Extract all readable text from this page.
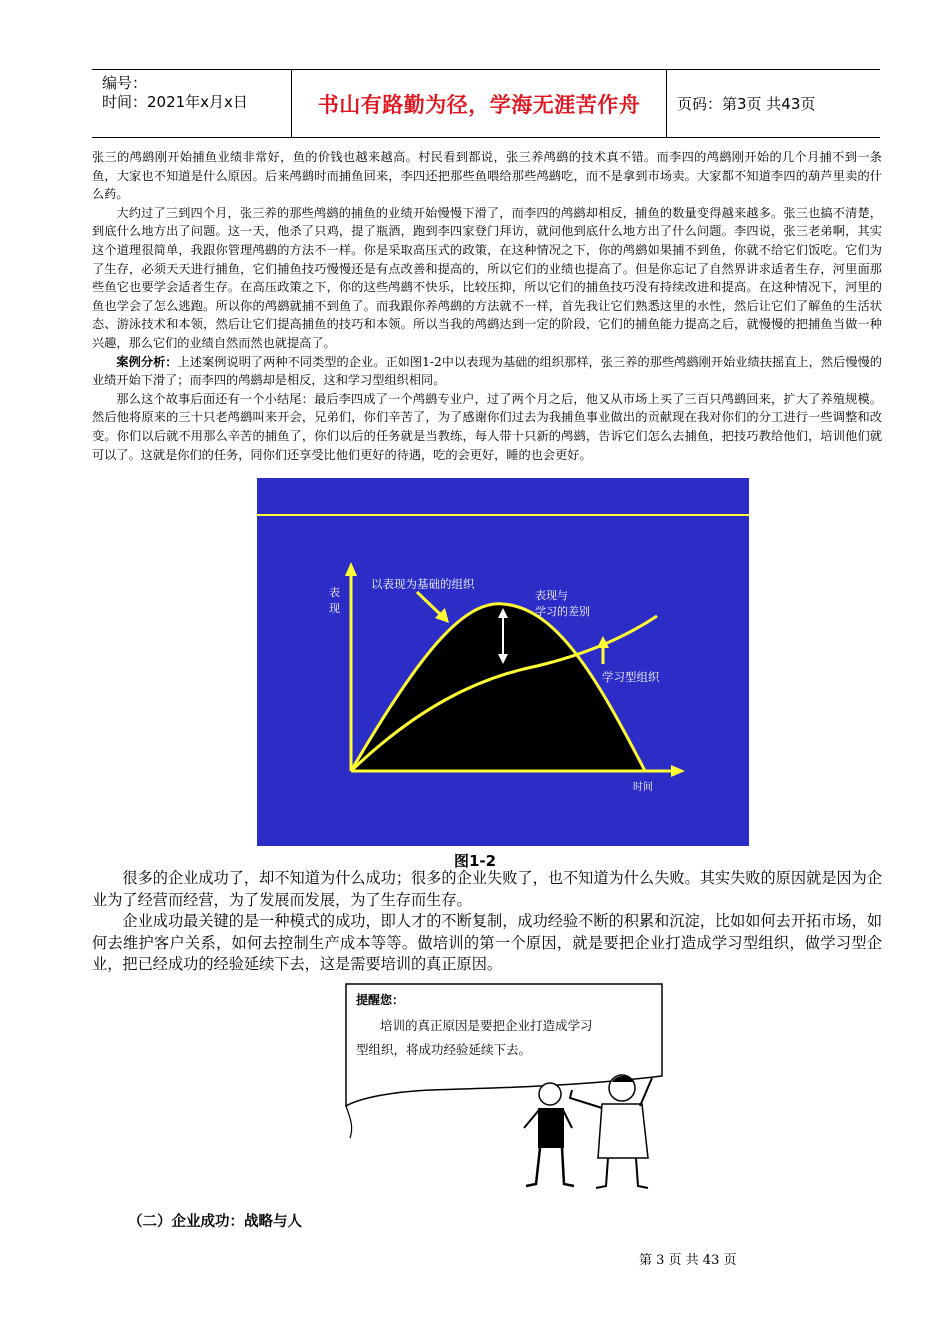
编号：
时间：2021年x月x日	书山有路勤为径，学海无涯苦作舟	页码：第3页 共43页

张三的鸬鹚刚开始捕鱼业绩非常好，鱼的价钱也越来越高。村民看到都说，张三养鸬鹚的技术真不错。而李四的鸬鹚刚开始的几个月捕不到一条鱼，大家也不知道是什么原因。后来鸬鹚时而捕鱼回来，李四还把那些鱼喂给那些鸬鹚吃，而不是拿到市场卖。大家都不知道李四的葫芦里卖的什么药。

大约过了三到四个月，张三养的那些鸬鹚的捕鱼的业绩开始慢慢下滑了，而李四的鸬鹚却相反，捕鱼的数量变得越来越多。张三也搞不清楚，到底什么地方出了问题。这一天，他杀了只鸡，提了瓶酒，跑到李四家登门拜访，就问他到底什么地方出了什么问题。李四说，张三老弟啊，其实这个道理很简单，我跟你管理鸬鹚的方法不一样。你是采取高压式的政策，在这种情况之下，你的鸬鹚如果捕不到鱼，你就不给它们饭吃。它们为了生存，必须天天进行捕鱼，它们捕鱼技巧慢慢还是有点改善和提高的，所以它们的业绩也提高了。但是你忘记了自然界讲求适者生存，河里面那些鱼它也要学会适者生存。在高压政策之下，你的这些鸬鹚不快乐，比较压抑，所以它们的捕鱼技巧没有持续改进和提高。在这种情况下，河里的鱼也学会了怎么逃跑。所以你的鸬鹚就捕不到鱼了。而我跟你养鸬鹚的方法就不一样，首先我让它们熟悉这里的水性，然后让它们了解鱼的生活状态、游泳技术和本领，然后让它们提高捕鱼的技巧和本领。所以当我的鸬鹚达到一定的阶段，它们的捕鱼能力提高之后，就慢慢的把捕鱼当做一种兴趣，那么它们的业绩自然而然也就提高了。

案例分析：上述案例说明了两种不同类型的企业。正如图1-2中以表现为基础的组织那样，张三养的那些鸬鹚刚开始业绩扶摇直上，然后慢慢的业绩开始下滑了；而李四的鸬鹚却是相反，这和学习型组织相同。

那么这个故事后面还有一个小结尾：最后李四成了一个鸬鹚专业户，过了两个月之后，他又从市场上买了三百只鸬鹚回来，扩大了养殖规模。然后他将原来的三十只老鸬鹚叫来开会，兄弟们，你们辛苦了，为了感谢你们过去为我捕鱼事业做出的贡献现在我对你们的分工进行一些调整和改变。你们以后就不用那么辛苦的捕鱼了，你们以后的任务就是当教练，每人带十只新的鸬鹚，告诉它们怎么去捕鱼，把技巧教给他们，培训他们就可以了。这就是你们的任务，同你们还享受比他们更好的待遇，吃的会更好，睡的也会更好。

表
现
以表现为基础的组织
表现与
学习的差别
学习型组织
时间
图1-2

很多的企业成功了，却不知道为什么成功；很多的企业失败了，也不知道为什么失败。其实失败的原因就是因为企业为了经营而经营，为了发展而发展，为了生存而生存。

企业成功最关键的是一种模式的成功，即人才的不断复制，成功经验不断的积累和沉淀，比如如何去开拓市场，如何去维护客户关系，如何去控制生产成本等等。做培训的第一个原因，就是要把企业打造成学习型组织，做学习型企业，把已经成功的经验延续下去，这是需要培训的真正原因。

提醒您：
培训的真正原因是要把企业打造成学习
型组织，将成功经验延续下去。
（二）企业成功：战略与人
第 3 页 共 43 页
